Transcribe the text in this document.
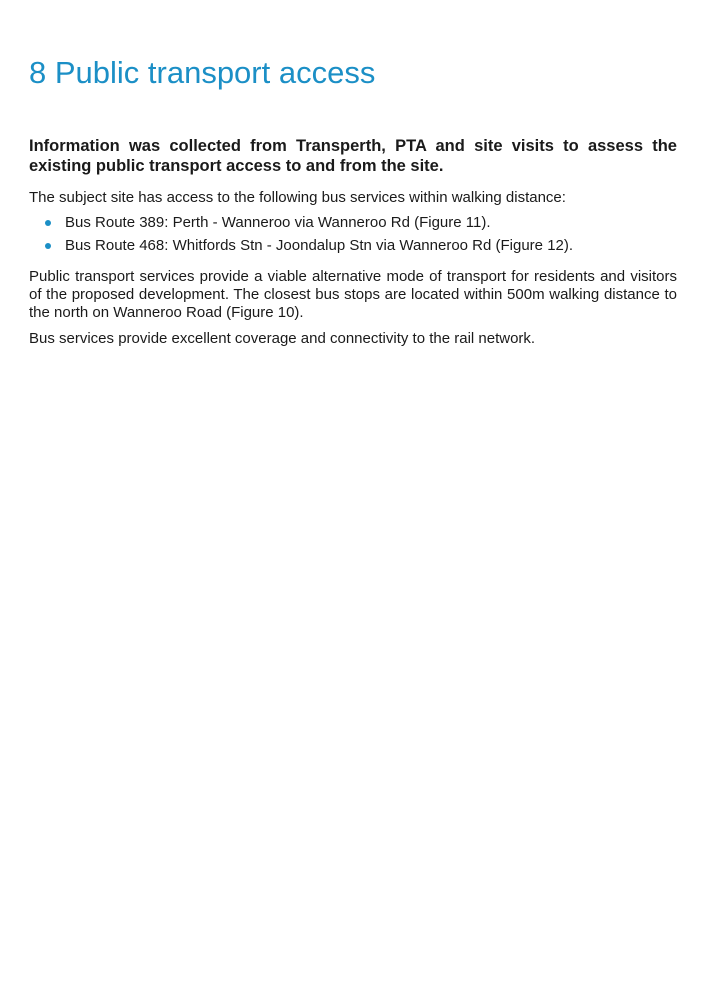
8 Public transport access

Information was collected from Transperth, PTA and site visits to assess the existing public transport access to and from the site.

The subject site has access to the following bus services within walking distance:

Bus Route 389: Perth - Wanneroo via Wanneroo Rd (Figure 11).
Bus Route 468: Whitfords Stn - Joondalup Stn via Wanneroo Rd (Figure 12).

Public transport services provide a viable alternative mode of transport for residents and visitors of the proposed development. The closest bus stops are located within 500m walking distance to the north on Wanneroo Road (Figure 10).

Bus services provide excellent coverage and connectivity to the rail network.
